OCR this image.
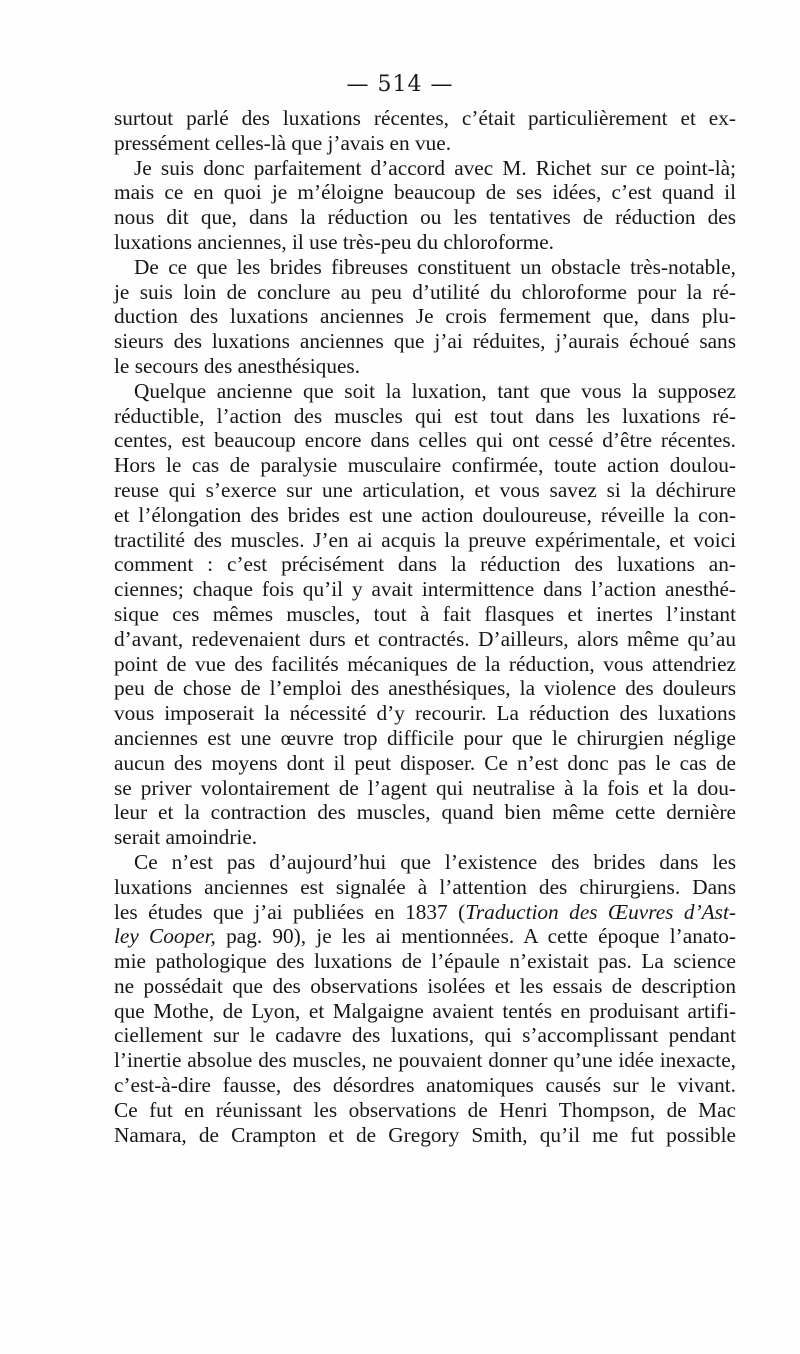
— 514 —
surtout parlé des luxations récentes, c’était particulièrement et ex-
pressément celles-là que j’avais en vue.
Je suis donc parfaitement d’accord avec M. Richet sur ce point-là;
mais ce en quoi je m’éloigne beaucoup de ses idées, c’est quand il
nous dit que, dans la réduction ou les tentatives de réduction des
luxations anciennes, il use très-peu du chloroforme.
De ce que les brides fibreuses constituent un obstacle très-notable,
je suis loin de conclure au peu d’utilité du chloroforme pour la ré-
duction des luxations anciennes Je crois fermement que, dans plu-
sieurs des luxations anciennes que j’ai réduites, j’aurais échoué sans
le secours des anesthésiques.
Quelque ancienne que soit la luxation, tant que vous la supposez
réductible, l’action des muscles qui est tout dans les luxations ré-
centes, est beaucoup encore dans celles qui ont cessé d’être récentes.
Hors le cas de paralysie musculaire confirmée, toute action doulou-
reuse qui s’exerce sur une articulation, et vous savez si la déchirure
et l’élongation des brides est une action douloureuse, réveille la con-
tractilité des muscles. J’en ai acquis la preuve expérimentale, et voici
comment : c’est précisément dans la réduction des luxations an-
ciennes; chaque fois qu’il y avait intermittence dans l’action anesthé-
sique ces mêmes muscles, tout à fait flasques et inertes l’instant
d’avant, redevenaient durs et contractés. D’ailleurs, alors même qu’au
point de vue des facilités mécaniques de la réduction, vous attendriez
peu de chose de l’emploi des anesthésiques, la violence des douleurs
vous imposerait la nécessité d’y recourir. La réduction des luxations
anciennes est une œuvre trop difficile pour que le chirurgien néglige
aucun des moyens dont il peut disposer. Ce n’est donc pas le cas de
se priver volontairement de l’agent qui neutralise à la fois et la dou-
leur et la contraction des muscles, quand bien même cette dernière
serait amoindrie.
Ce n’est pas d’aujourd’hui que l’existence des brides dans les
luxations anciennes est signalée à l’attention des chirurgiens. Dans
les études que j’ai publiées en 1837 (Traduction des Œuvres d’Ast-
ley Cooper, pag. 90), je les ai mentionnées. A cette époque l’anato-
mie pathologique des luxations de l’épaule n’existait pas. La science
ne possédait que des observations isolées et les essais de description
que Mothe, de Lyon, et Malgaigne avaient tentés en produisant artifi-
ciellement sur le cadavre des luxations, qui s’accomplissant pendant
l’inertie absolue des muscles, ne pouvaient donner qu’une idée inexacte,
c’est-à-dire fausse, des désordres anatomiques causés sur le vivant.
Ce fut en réunissant les observations de Henri Thompson, de Mac
Namara, de Crampton et de Gregory Smith, qu’il me fut possible
